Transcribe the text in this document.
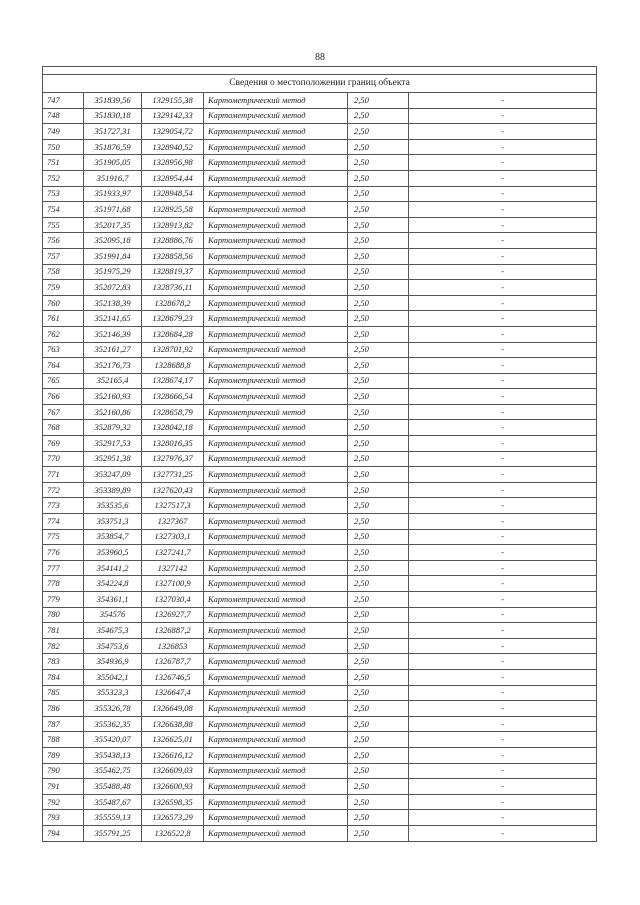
88

Сведения о местоположении границ объекта					
747	351839,56	1329155,38	Картометрический метод	2,50	-
748	351830,18	1329142,33	Картометрический метод	2,50	-
749	351727,31	1329054,72	Картометрический метод	2,50	-
750	351876,59	1328940,52	Картометрический метод	2,50	-
751	351905,05	1328956,98	Картометрический метод	2,50	-
752	351916,7	1328954,44	Картометрический метод	2,50	-
753	351933,97	1328948,54	Картометрический метод	2,50	-
754	351971,68	1328925,58	Картометрический метод	2,50	-
755	352017,35	1328913,82	Картометрический метод	2,50	-
756	352095,18	1328886,76	Картометрический метод	2,50	-
757	351991,84	1328858,56	Картометрический метод	2,50	-
758	351975,29	1328819,37	Картометрический метод	2,50	-
759	352072,83	1328736,11	Картометрический метод	2,50	-
760	352138,39	1328678,2	Картометрический метод	2,50	-
761	352141,65	1328679,23	Картометрический метод	2,50	-
762	352146,39	1328684,28	Картометрический метод	2,50	-
763	352161,27	1328701,92	Картометрический метод	2,50	-
764	352176,73	1328688,8	Картометрический метод	2,50	-
765	352165,4	1328674,17	Картометрический метод	2,50	-
766	352160,93	1328666,54	Картометрический метод	2,50	-
767	352160,86	1328658,79	Картометрический метод	2,50	-
768	352879,32	1328042,18	Картометрический метод	2,50	-
769	352917,53	1328016,35	Картометрический метод	2,50	-
770	352951,38	1327976,37	Картометрический метод	2,50	-
771	353247,09	1327731,25	Картометрический метод	2,50	-
772	353389,89	1327620,43	Картометрический метод	2,50	-
773	353535,6	1327517,3	Картометрический метод	2,50	-
774	353751,3	1327367	Картометрический метод	2,50	-
775	353854,7	1327303,1	Картометрический метод	2,50	-
776	353960,5	1327241,7	Картометрический метод	2,50	-
777	354141,2	1327142	Картометрический метод	2,50	-
778	354224,8	1327100,9	Картометрический метод	2,50	-
779	354361,1	1327030,4	Картометрический метод	2,50	-
780	354576	1326927,7	Картометрический метод	2,50	-
781	354675,3	1326887,2	Картометрический метод	2,50	-
782	354753,6	1326853	Картометрический метод	2,50	-
783	354936,9	1326787,7	Картометрический метод	2,50	-
784	355042,1	1326746,5	Картометрический метод	2,50	-
785	355323,3	1326647,4	Картометрический метод	2,50	-
786	355326,78	1326649,08	Картометрический метод	2,50	-
787	355362,35	1326638,88	Картометрический метод	2,50	-
788	355420,07	1326625,01	Картометрический метод	2,50	-
789	355438,13	1326616,12	Картометрический метод	2,50	-
790	355462,75	1326609,03	Картометрический метод	2,50	-
791	355488,48	1326600,93	Картометрический метод	2,50	-
792	355487,67	1326598,35	Картометрический метод	2,50	-
793	355559,13	1326573,29	Картометрический метод	2,50	-
794	355791,25	1326522,8	Картометрический метод	2,50	-
